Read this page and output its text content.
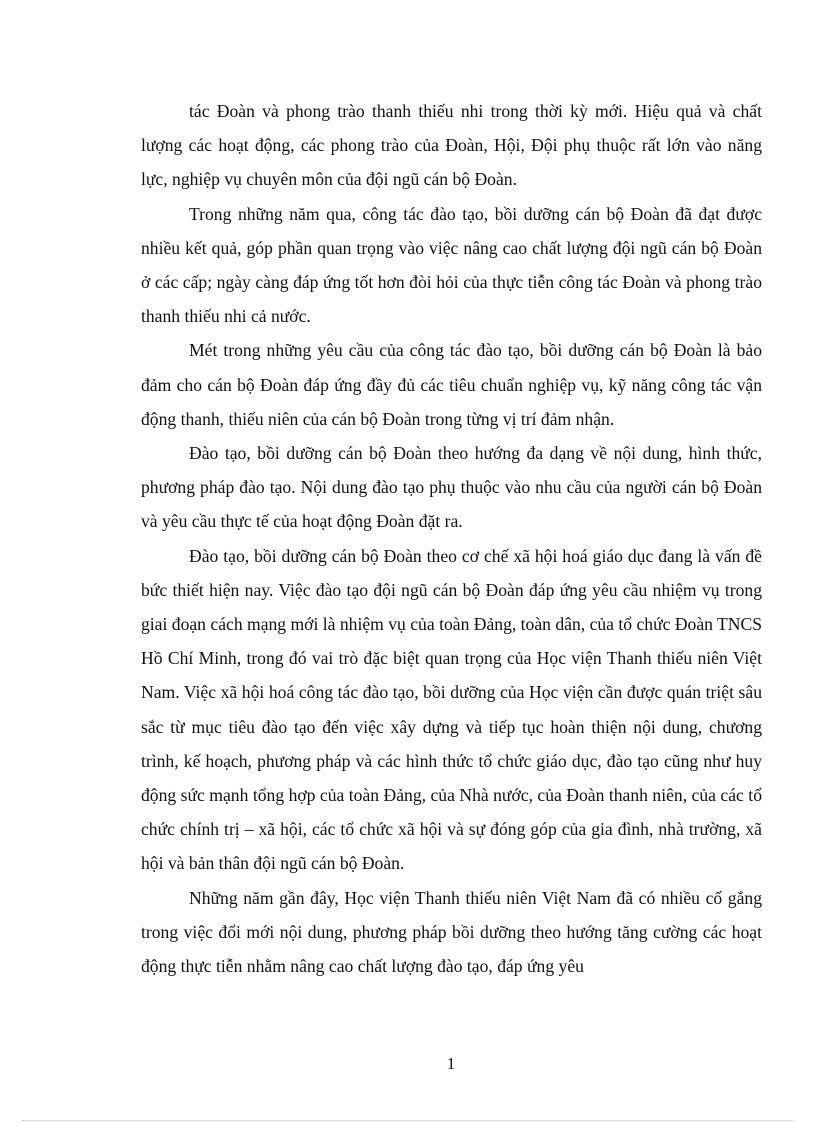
tác Đoàn và phong trào thanh thiếu nhi trong thời kỳ mới. Hiệu quả và chất lượng các hoạt động, các phong trào của Đoàn, Hội, Đội phụ thuộc rất lớn vào năng lực, nghiệp vụ chuyên môn của đội ngũ cán bộ Đoàn.

Trong những năm qua, công tác đào tạo, bồi dưỡng cán bộ Đoàn đã đạt được nhiều kết quả, góp phần quan trọng vào việc nâng cao chất lượng đội ngũ cán bộ Đoàn ở các cấp; ngày càng đáp ứng tốt hơn đòi hỏi của thực tiễn công tác Đoàn và phong trào thanh thiếu nhi cả nước.

Mét trong những yêu cầu của công tác đào tạo, bồi dưỡng cán bộ Đoàn là bảo đảm cho cán bộ Đoàn đáp ứng đầy đủ các tiêu chuẩn nghiệp vụ, kỹ năng công tác vận động thanh, thiếu niên của cán bộ Đoàn trong từng vị trí đảm nhận.

Đào tạo, bồi dưỡng cán bộ Đoàn theo hướng đa dạng về nội dung, hình thức, phương pháp đào tạo. Nội dung đào tạo phụ thuộc vào nhu cầu của người cán bộ Đoàn và yêu cầu thực tế của hoạt động Đoàn đặt ra.

Đào tạo, bồi dưỡng cán bộ Đoàn theo cơ chế xã hội hoá giáo dục đang là vấn đề bức thiết hiện nay. Việc đào tạo đội ngũ cán bộ Đoàn đáp ứng yêu cầu nhiệm vụ trong giai đoạn cách mạng mới là nhiệm vụ của toàn Đảng, toàn dân, của tổ chức Đoàn TNCS Hồ Chí Minh, trong đó vai trò đặc biệt quan trọng của Học viện Thanh thiếu niên Việt Nam. Việc xã hội hoá công tác đào tạo, bồi dưỡng của Học viện cần được quán triệt sâu sắc từ mục tiêu đào tạo đến việc xây dựng và tiếp tục hoàn thiện nội dung, chương trình, kế hoạch, phương pháp và các hình thức tổ chức giáo dục, đào tạo cũng như huy động sức mạnh tổng hợp của toàn Đảng, của Nhà nước, của Đoàn thanh niên, của các tổ chức chính trị – xã hội, các tổ chức xã hội và sự đóng góp của gia đình, nhà trường, xã hội và bản thân đội ngũ cán bộ Đoàn.

Những năm gần đây, Học viện Thanh thiếu niên Việt Nam đã có nhiều cố gắng trong việc đổi mới nội dung, phương pháp bồi dưỡng theo hướng tăng cường các hoạt động thực tiễn nhằm nâng cao chất lượng đào tạo, đáp ứng yêu

1
